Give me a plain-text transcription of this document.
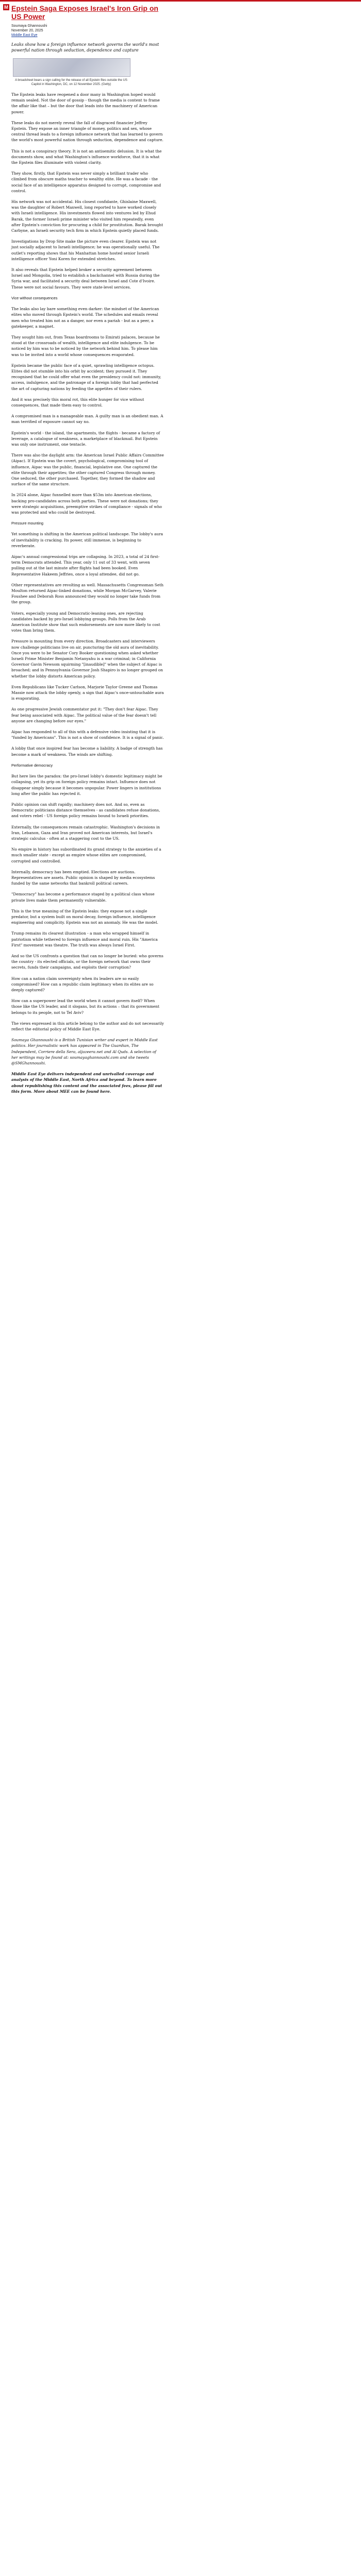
M Epstein Saga Exposes Israel's Iron Grip on US Power
Soumaya Ghannoushi
November 20, 2025
Middle East Eye
Leaks show how a foreign influence network governs the world's most powerful nation through seduction, dependence and capture
A broadsheet bears a sign calling for the release of all Epstein files outside the US Capitol in Washington, DC, on 12 November 2025. (Getty)

The Epstein leaks have reopened a door many in Washington hoped would remain sealed. Not the door of gossip - though the media is content to frame the affair like that – but the door that leads into the machinery of American power.

These leaks do not merely reveal the fall of disgraced financier Jeffrey Epstein. They expose an inner triangle of money, politics and sex, whose central thread leads to a foreign influence network that has learned to govern the world's most powerful nation through seduction, dependence and capture.

This is not a conspiracy theory. It is not an antisemitic delusion. It is what the documents show, and what Washington's influence workforce, that it is what the Epstein files illuminate with violent clarity.

They show, firstly, that Epstein was never simply a brilliant trader who climbed from obscure maths teacher to wealthy elite. He was a facade - the social face of an intelligence apparatus designed to corrupt, compromise and control.

His network was not accidental. His closest confidante, Ghislaine Maxwell, was the daughter of Robert Maxwell, long reported to have worked closely with Israeli intelligence. His investments flowed into ventures led by Ehud Barak, the former Israeli prime minister who visited him repeatedly, even after Epstein's conviction for procuring a child for prostitution. Barak brought Carbyne, an Israeli security tech firm in which Epstein quietly placed funds.

Investigations by Drop Site make the picture even clearer. Epstein was not just socially adjacent to Israeli intelligence; he was operationally useful. The outlet's reporting shows that his Manhattan home hosted senior Israeli intelligence officer Yoni Koren for extended stretches.

It also reveals that Epstein helped broker a security agreement between Israel and Mongolia, tried to establish a backchannel with Russia during the Syria war, and facilitated a security deal between Israel and Cote d'Ivoire. These were not social favours. They were state-level services.

Vice without consequences

The leaks also lay bare something even darker: the mindset of the American elites who moved through Epstein's world. The schedules and emails reveal men who treated him not as a danger, nor even a pariah - but as a peer, a gatekeeper, a magnet.

They sought him out, from Texas boardrooms to Emirati palaces, because he stood at the crossroads of wealth, intelligence and elite indulgence. To be noticed by him was to be noticed by the network behind him. To please him was to be invited into a world whose consequences evaporated.

Epstein became the public face of a quiet, sprawling intelligence octopus. Elites did not stumble into his orbit by accident; they pursued it. They recognised that he could offer what even the presidency could not: immunity, access, indulgence, and the patronage of a foreign lobby that had perfected the art of capturing nations by feeding the appetites of their rulers.

And it was precisely this moral rot, this elite hunger for vice without consequences, that made them easy to control.

A compromised man is a manageable man. A guilty man is an obedient man. A man terrified of exposure cannot say no.

Epstein's world - the island, the apartments, the flights - became a factory of leverage, a catalogue of weakness, a marketplace of blackmail. But Epstein was only one instrument, one tentacle.

There was also the daylight arm: the American Israel Public Affairs Committee (Aipac). If Epstein was the covert, psychological, compromising tool of influence, Aipac was the public, financial, legislative one. One captured the elite through their appetites; the other captured Congress through money. One seduced, the other purchased. Together, they formed the shadow and surface of the same structure.

In 2024 alone, Aipac funnelled more than $53m into American elections, backing pro-candidates across both parties. These were not donations; they were strategic acquisitions, preemptive strikes of compliance - signals of who was protected and who could be destroyed.

Pressure mounting

Yet something is shifting in the American political landscape. The lobby's aura of inevitability is cracking. Its power, still immense, is beginning to reverberate.

Aipac's annual congressional trips are collapsing. In 2023, a total of 24 first-term Democrats attended. This year, only 11 out of 33 went, with seven pulling out at the last minute after flights had been booked. Even Representative Hakeem Jeffries, once a loyal attendee, did not go.

Other representatives are revolting as well. Massachusetts Congressman Seth Moulton returned Aipac-linked donations, while Morgan McGarvey, Valerie Foushee and Deborah Ross announced they would no longer take funds from the group.

Voters, especially young and Democratic-leaning ones, are rejecting candidates backed by pro-Israel lobbying groups. Polls from the Arab American Institute show that such endorsements are now more likely to cost votes than bring them.

Pressure is mounting from every direction. Broadcasters and interviewers now challenge politicians live on air, puncturing the old aura of inevitability. Once you were to be Senator Cory Booker questioning when asked whether Israeli Prime Minister Benjamin Netanyahu is a war criminal; in California Governor Gavin Newsom squirming "[inaudible]" when the subject of Aipac is broached; and in Pennsylvania Governor Josh Shapiro is no longer grouped on whether the lobby distorts American policy.

Even Republicans like Tucker Carlson, Marjorie Taylor Greene and Thomas Massie now attack the lobby openly, a sign that Aipac's once-untouchable aura is evaporating.

As one progressive Jewish commentator put it: "They don't fear Aipac. They fear being associated with Aipac. The political value of the fear doesn't tell anyone are changing before our eyes."

Aipac has responded to all of this with a defensive video insisting that it is "funded by Americans". This is not a show of confidence. It is a signal of panic.

A lobby that once inspired fear has become a liability. A badge of strength has become a mark of weakness. The winds are shifting.

Performative democracy

But here lies the paradox: the pro-Israel lobby's domestic legitimacy might be collapsing, yet its grip on foreign policy remains intact. Influence does not disappear simply because it becomes unpopular. Power lingers in institutions long after the public has rejected it.

Public opinion can shift rapidly; machinery does not. And so, even as Democratic politicians distance themselves - as candidates refuse donations, and voters rebel - US foreign policy remains bound to Israeli priorities.

Externally, the consequences remain catastrophic. Washington's decisions in Iran, Lebanon, Gaza and Iran proved not American interests, but Israel's strategic calculus - often at a staggering cost to the US.

No empire in history has subordinated its grand strategy to the anxieties of a much smaller state - except as empire whose elites are compromised, corrupted and controlled.

Internally, democracy has been emptied. Elections are auctions. Representatives are assets. Public opinion is shaped by media ecosystems funded by the same networks that bankroll political careers.

"Democracy" has become a performance staged by a political class whose private lives make them permanently vulnerable.

This is the true meaning of the Epstein leaks: they expose not a single predator, but a system built on moral decay, foreign influence, intelligence engineering and complicity. Epstein was not an anomaly. He was the model.

Trump remains its clearest illustration - a man who wrapped himself in patriotism while tethered to foreign influence and moral ruin. His "America First" movement was theatre. The truth was always Israel First.

And so the US confronts a question that can no longer be buried: who governs the country - its elected officials, or the foreign network that owns their secrets, funds their campaigns, and exploits their corruption?

How can a nation claim sovereignty when its leaders are so easily compromised? How can a republic claim legitimacy when its elites are so deeply captured?

How can a superpower lead the world when it cannot govern itself? When those like the US leader, and it slogans, but its actions – that its government belongs to its people, not to Tel Aviv?

The views expressed in this article belong to the author and do not necessarily reflect the editorial policy of Middle East Eye.

Soumaya Ghannoushi is a British Tunisian writer and expert in Middle East politics. Her journalistic work has appeared in The Guardian, The Independent, Corriere della Sera, aljazeera.net and Al Quds. A selection of her writings may be found at: soumayaghannoushi.com and she tweets @SMGhannoushi.

Middle East Eye delivers independent and unrivalled coverage and analysis of the Middle East, North Africa and beyond. To learn more about republishing this content and the associated fees, please fill out this form. More about MEE can be found here.
